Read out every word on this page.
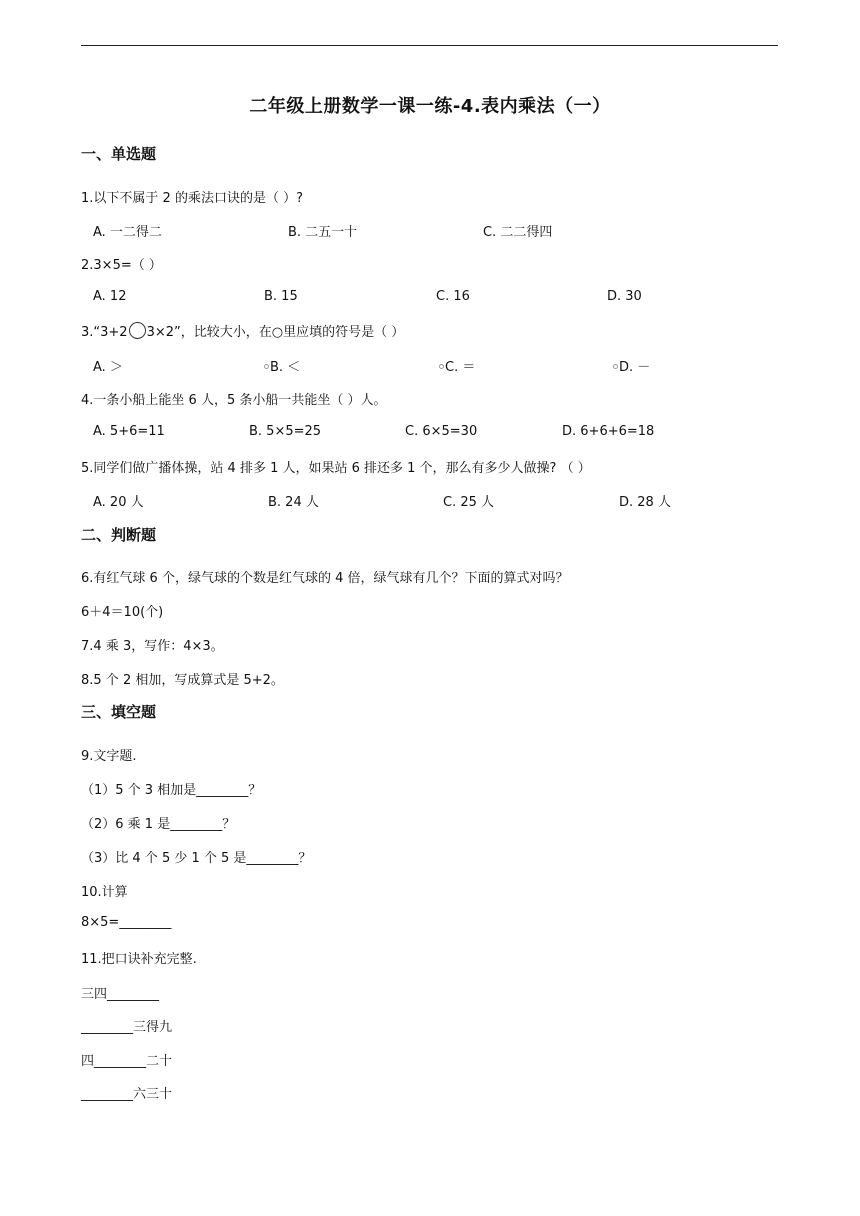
二年级上册数学一课一练-4.表内乘法（一）
一、单选题
1.以下不属于 2 的乘法口诀的是（ ）?
A. 一二得二	B. 二五一十	C. 二二得四
2.3×5=（ ）
A. 12	B. 15	C. 16	D. 30
3.“3+2 3×2”，比较大小，在○里应填的符号是（ ）
A. ＞	B. ＜	C. ＝	D. －
4.一条小船上能坐 6 人，5 条小船一共能坐（ ）人。
A. 5+6=11	B. 5×5=25	C. 6×5=30	D. 6+6+6=18
5.同学们做广播体操，站 4 排多 1 人，如果站 6 排还多 1 个，那么有多少人做操? （ ）
A. 20 人	B. 24 人	C. 25 人	D. 28 人
二、判断题
6.有红气球 6 个，绿气球的个数是红气球的 4 倍，绿气球有几个？下面的算式对吗？
6＋4＝10(个)
7.4 乘 3，写作：4×3。
8.5 个 2 相加，写成算式是 5+2。
三、填空题
9.文字题.
（1）5 个 3 相加是________？
（2）6 乘 1 是________？
（3）比 4 个 5 少 1 个 5 是________？
10.计算
8×5=________
11.把口诀补充完整.
三四________
________三得九
四________二十
________六三十
